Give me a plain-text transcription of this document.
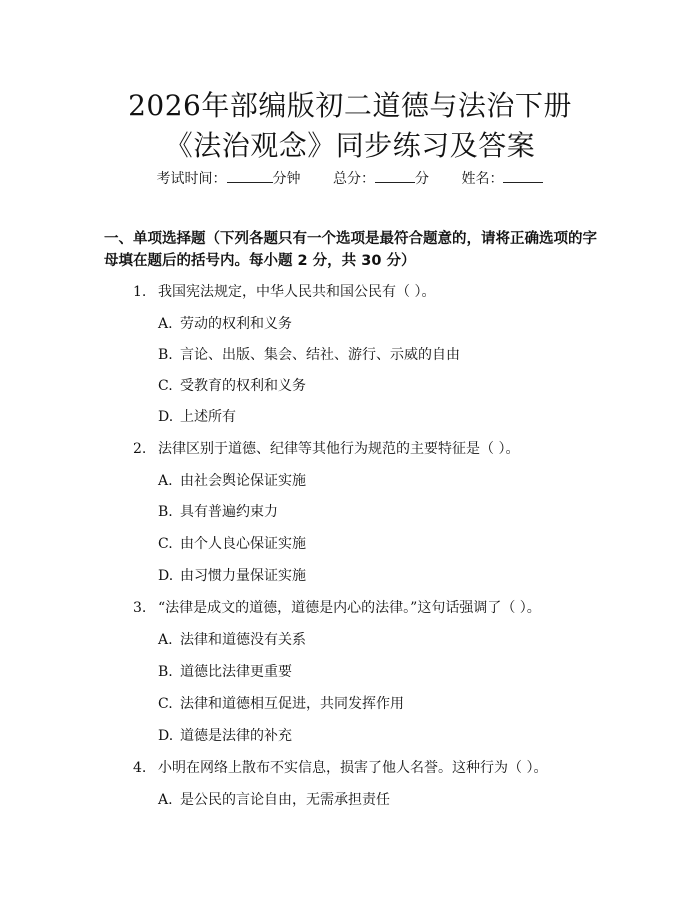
2026年部编版初二道德与法治下册《法治观念》同步练习及答案
考试时间：	分钟 总分：	分 姓名：
一、单项选择题（下列各题只有一个选项是最符合题意的，请将正确选项的字母填在题后的括号内。每小题 2 分，共 30 分）
1. 我国宪法规定，中华人民共和国公民有（ ）。
A. 劳动的权利和义务
B. 言论、出版、集会、结社、游行、示威的自由
C. 受教育的权利和义务
D. 上述所有
2. 法律区别于道德、纪律等其他行为规范的主要特征是（ ）。
A. 由社会舆论保证实施
B. 具有普遍约束力
C. 由个人良心保证实施
D. 由习惯力量保证实施
3. “法律是成文的道德，道德是内心的法律。”这句话强调了（ ）。
A. 法律和道德没有关系
B. 道德比法律更重要
C. 法律和道德相互促进，共同发挥作用
D. 道德是法律的补充
4. 小明在网络上散布不实信息，损害了他人名誉。这种行为（ ）。
A. 是公民的言论自由，无需承担责任
